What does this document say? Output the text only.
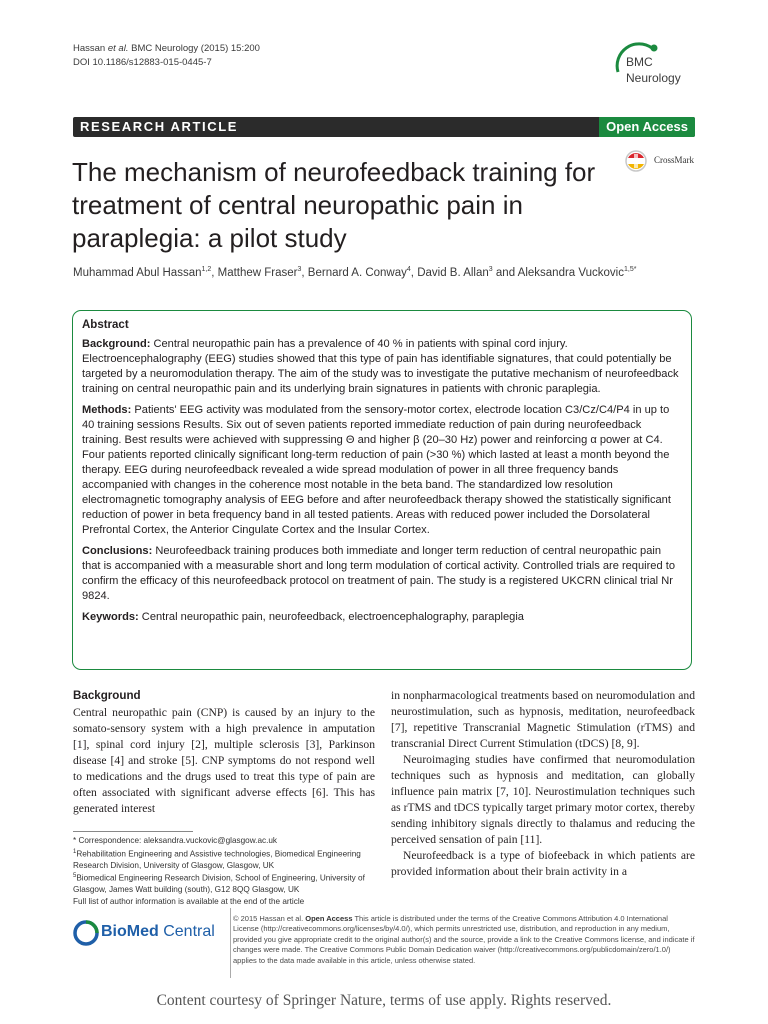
Hassan et al. BMC Neurology (2015) 15:200
DOI 10.1186/s12883-015-0445-7	BMC
Neurology
RESEARCH ARTICLE	Open Access
The mechanism of neurofeedback training for treatment of central neuropathic pain in paraplegia: a pilot study
CrossMark
Muhammad Abul Hassan$^{1,2}$, Matthew Fraser$^3$, Bernard A. Conway$^4$, David B. Allan$^3$ and Aleksandra Vuckovic$^{1,5*}$
Abstract

Background: Central neuropathic pain has a prevalence of 40 % in patients with spinal cord injury. Electroencephalography (EEG) studies showed that this type of pain has identifiable signatures, that could potentially be targeted by a neuromodulation therapy. The aim of the study was to investigate the putative mechanism of neurofeedback training on central neuropathic pain and its underlying brain signatures in patients with chronic paraplegia.

Methods: Patients' EEG activity was modulated from the sensory-motor cortex, electrode location C3/Cz/C4/P4 in up to 40 training sessions Results. Six out of seven patients reported immediate reduction of pain during neurofeedback training. Best results were achieved with suppressing Θ and higher β (20–30 Hz) power and reinforcing α power at C4. Four patients reported clinically significant long-term reduction of pain (>30 %) which lasted at least a month beyond the therapy. EEG during neurofeedback revealed a wide spread modulation of power in all three frequency bands accompanied with changes in the coherence most notable in the beta band. The standardized low resolution electromagnetic tomography analysis of EEG before and after neurofeedback therapy showed the statistically significant reduction of power in beta frequency band in all tested patients. Areas with reduced power included the Dorsolateral Prefrontal Cortex, the Anterior Cingulate Cortex and the Insular Cortex.

Conclusions: Neurofeedback training produces both immediate and longer term reduction of central neuropathic pain that is accompanied with a measurable short and long term modulation of cortical activity. Controlled trials are required to confirm the efficacy of this neurofeedback protocol on treatment of pain. The study is a registered UKCRN clinical trial Nr 9824.

Keywords: Central neuropathic pain, neurofeedback, electroencephalography, paraplegia

Background

Central neuropathic pain (CNP) is caused by an injury to the somato-sensory system with a high prevalence in amputation [1], spinal cord injury [2], multiple sclerosis [3], Parkinson disease [4] and stroke [5]. CNP symptoms do not respond well to medications and the drugs used to treat this type of pain are often associated with significant adverse effects [6]. This has generated interest

in nonpharmacological treatments based on neuromodulation and neurostimulation, such as hypnosis, meditation, neurofeedback [7], repetitive Transcranial Magnetic Stimulation (rTMS) and transcranial Direct Current Stimulation (tDCS) [8, 9].

Neuroimaging studies have confirmed that neuromodulation techniques such as hypnosis and meditation, can globally influence pain matrix [7, 10]. Neurostimulation techniques such as rTMS and tDCS typically target primary motor cortex, thereby sending inhibitory signals directly to thalamus and reducing the perceived sensation of pain [11].

Neurofeedback is a type of biofeeback in which patients are provided information about their brain activity in a

* Correspondence: aleksandra.vuckovic@glasgow.ac.uk
$^1$Rehabilitation Engineering and Assistive technologies, Biomedical Engineering Research Division, University of Glasgow, Glasgow, UK
$^5$Biomedical Engineering Research Division, School of Engineering, University of Glasgow, James Watt building (south), G12 8QQ Glasgow, UK
Full list of author information is available at the end of the article
BioMed Central
© 2015 Hassan et al. Open Access This article is distributed under the terms of the Creative Commons Attribution 4.0 International License (http://creativecommons.org/licenses/by/4.0/), which permits unrestricted use, distribution, and reproduction in any medium, provided you give appropriate credit to the original author(s) and the source, provide a link to the Creative Commons license, and indicate if changes were made. The Creative Commons Public Domain Dedication waiver (http://creativecommons.org/publicdomain/zero/1.0/) applies to the data made available in this article, unless otherwise stated.
Content courtesy of Springer Nature, terms of use apply. Rights reserved.
